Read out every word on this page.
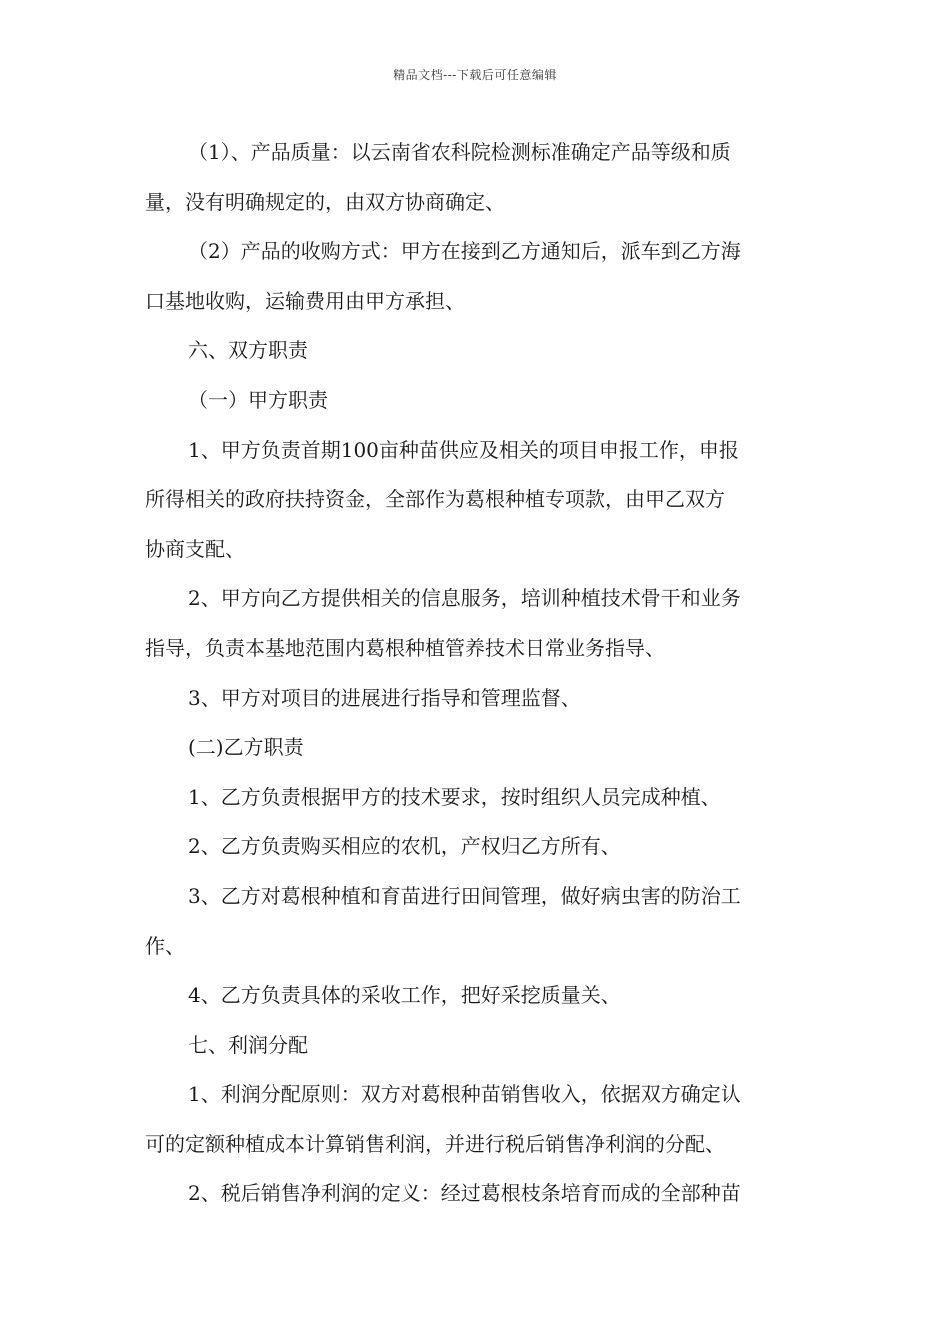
精品文档---下载后可任意编辑
（1）、产品质量：以云南省农科院检测标准确定产品等级和质
量，没有明确规定的，由双方协商确定、
（2）产品的收购方式：甲方在接到乙方通知后，派车到乙方海
口基地收购，运输费用由甲方承担、
六、双方职责
（一）甲方职责
1、甲方负责首期100亩种苗供应及相关的项目申报工作，申报
所得相关的政府扶持资金，全部作为葛根种植专项款，由甲乙双方
协商支配、
2、甲方向乙方提供相关的信息服务，培训种植技术骨干和业务
指导，负责本基地范围内葛根种植管养技术日常业务指导、
3、甲方对项目的进展进行指导和管理监督、
(二)乙方职责
1、乙方负责根据甲方的技术要求，按时组织人员完成种植、
2、乙方负责购买相应的农机，产权归乙方所有、
3、乙方对葛根种植和育苗进行田间管理，做好病虫害的防治工
作、
4、乙方负责具体的采收工作，把好采挖质量关、
七、利润分配
1、利润分配原则：双方对葛根种苗销售收入，依据双方确定认
可的定额种植成本计算销售利润，并进行税后销售净利润的分配、
2、税后销售净利润的定义：经过葛根枝条培育而成的全部种苗
